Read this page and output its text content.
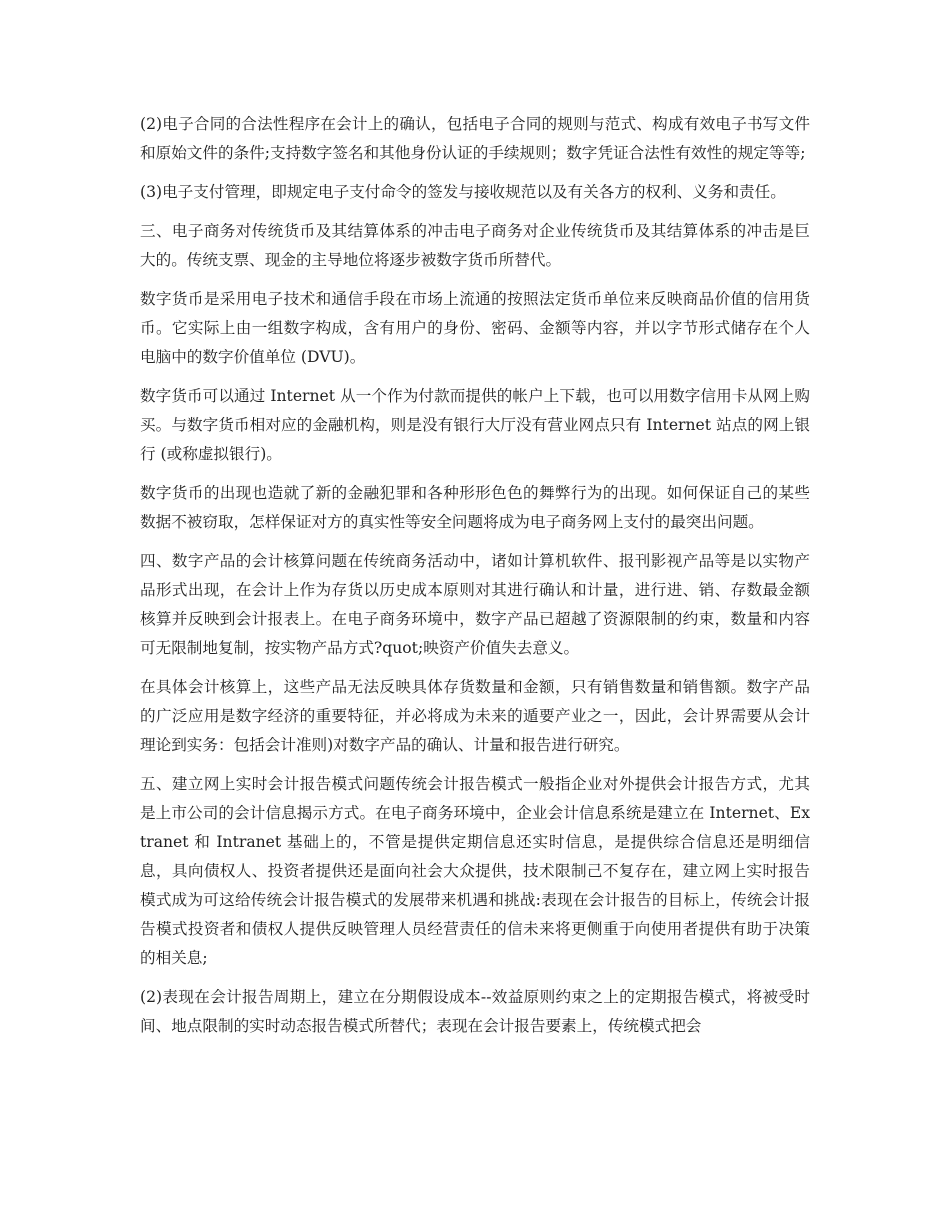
(2)电子合同的合法性程序在会计上的确认，包括电子合同的规则与范式、构成有效电子书写文件和原始文件的条件;支持数字签名和其他身份认证的手续规则；数字凭证合法性有效性的规定等等;

(3)电子支付管理，即规定电子支付命令的签发与接收规范以及有关各方的权利、义务和责任。

三、电子商务对传统货币及其结算体系的冲击电子商务对企业传统货币及其结算体系的冲击是巨大的。传统支票、现金的主导地位将逐步被数字货币所替代。

数字货币是采用电子技术和通信手段在市场上流通的按照法定货币单位来反映商品价值的信用货币。它实际上由一组数字构成，含有用户的身份、密码、金额等内容，并以字节形式储存在个人电脑中的数字价值单位 (DVU)。

数字货币可以通过 Internet 从一个作为付款而提供的帐户上下载，也可以用数字信用卡从网上购买。与数字货币相对应的金融机构，则是没有银行大厅没有营业网点只有 Internet 站点的网上银行 (或称虚拟银行)。

数字货币的出现也造就了新的金融犯罪和各种形形色色的舞弊行为的出现。如何保证自己的某些数据不被窃取，怎样保证对方的真实性等安全问题将成为电子商务网上支付的最突出问题。

四、数字产品的会计核算问题在传统商务活动中，诸如计算机软件、报刊影视产品等是以实物产品形式出现，在会计上作为存货以历史成本原则对其进行确认和计量，进行进、销、存数最金额核算并反映到会计报表上。在电子商务环境中，数字产品已超越了资源限制的约束，数量和内容可无限制地复制，按实物产品方式?quot;映资产价值失去意义。

在具体会计核算上，这些产品无法反映具体存货数量和金额，只有销售数量和销售额。数字产品的广泛应用是数字经济的重要特征，并必将成为未来的遁要产业之一，因此，会计界需要从会计理论到实务：包括会计准则)对数字产品的确认、计量和报告进行研究。

五、建立网上实时会计报告模式问题传统会计报告模式一般指企业对外提供会计报告方式，尤其是上市公司的会计信息揭示方式。在电子商务环境中，企业会计信息系统是建立在 Internet、Extranet 和 Intranet 基础上的，不管是提供定期信息还实时信息，是提供综合信息还是明细信息，具向债权人、投资者提供还是面向社会大众提供，技术限制己不复存在，建立网上实时报告模式成为可这给传统会计报告模式的发展带来机遇和挑战:表现在会计报告的目标上，传统会计报告模式投资者和债权人提供反映管理人员经营责任的信未来将更侧重于向使用者提供有助于决策的相关息;

(2)表现在会计报告周期上，建立在分期假设成本--效益原则约束之上的定期报告模式，将被受时间、地点限制的实时动态报告模式所替代；表现在会计报告要素上，传统模式把会
